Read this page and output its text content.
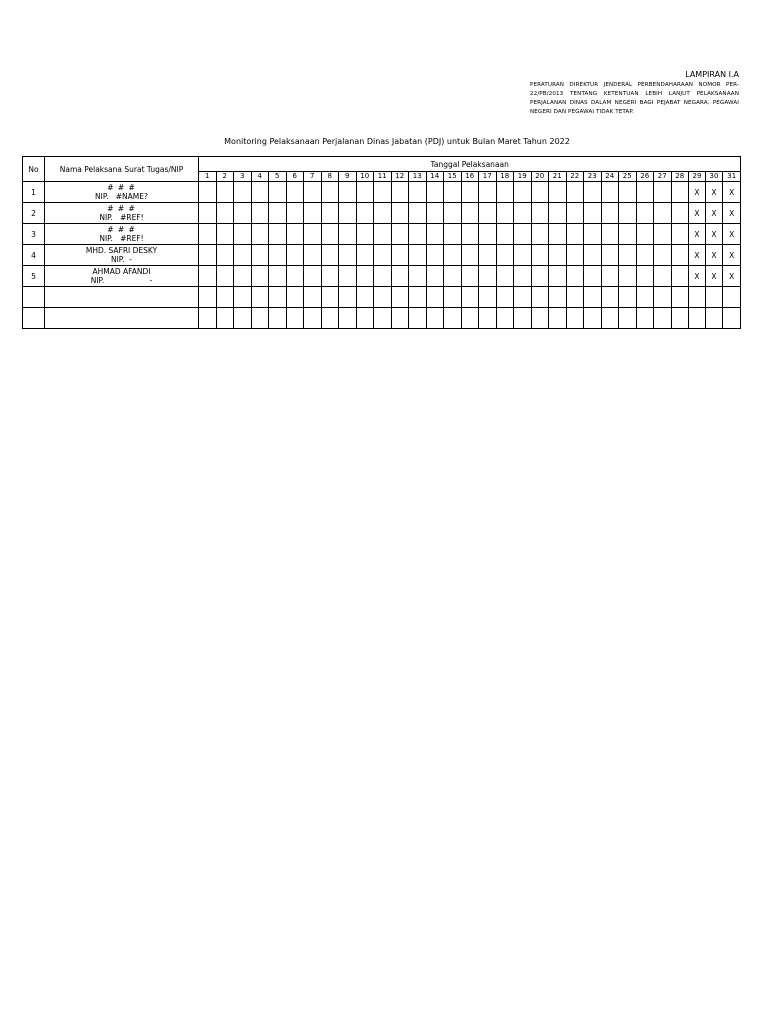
LAMPIRAN I.A
PERATURAN DIREKTUR JENDERAL PERBENDAHARAAN NOMOR PER-22/PB/2013 TENTANG KETENTUAN LEBIH LANJUT PELAKSANAAN PERJALANAN DINAS DALAM NEGERI BAGI PEJABAT NEGARA, PEGAWAI NEGERI DAN PEGAWAI TIDAK TETAP.
Monitoring Pelaksanaan Perjalanan Dinas Jabatan (PDJ) untuk Bulan Maret Tahun 2022
No	Nama Pelaksana Surat Tugas/NIP	Tanggal Pelaksanaan																														
		1	2	3	4	5	6	7	8	9	10	11	12	13	14	15	16	17	18	19	20	21	22	23	24	25	26	27	28	29	30	31
1	# # #
NIP.   #NAME?																													X	X	X
2	# # #
NIP.   #REF!																													X	X	X
3	# # #
NIP.   #REF!																													X	X	X
4	MHD. SAFRI DESKY
NIP.  -																													X	X	X
5	AHMAD AFANDI
NIP.                   -																													X	X	X
